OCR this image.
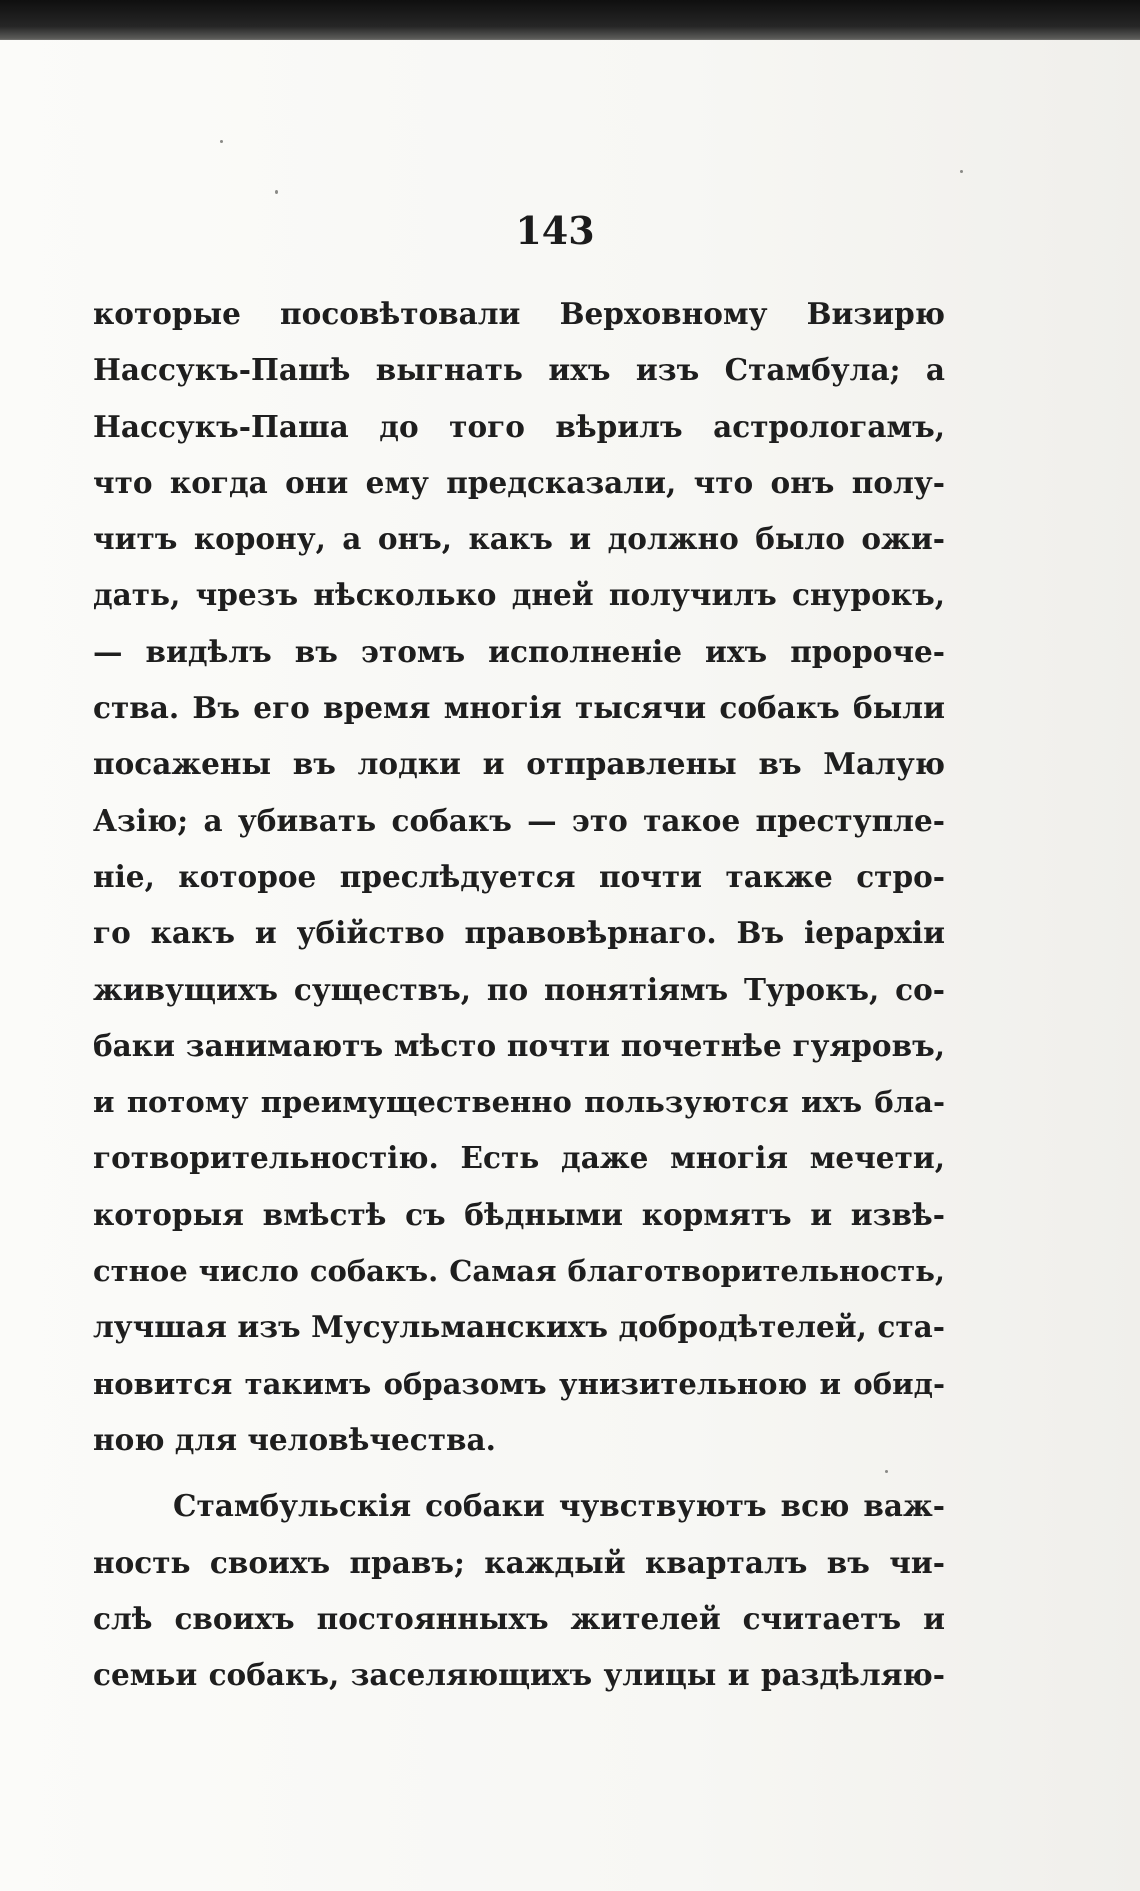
143
которые посовѣтовали Верховному Визирю
Нассукъ-Пашѣ выгнать ихъ изъ Стамбула; а
Нассукъ-Паша до того вѣрилъ астрологамъ,
что когда они ему предсказали, что онъ полу-
читъ корону, а онъ, какъ и должно было ожи-
дать, чрезъ нѣсколько дней получилъ снурокъ,
— видѣлъ въ этомъ исполненіе ихъ пророче-
ства. Въ его время многія тысячи собакъ были
посажены въ лодки и отправлены въ Малую
Азію; а убивать собакъ — это такое преступле-
ніе, которое преслѣдуется почти также стро-
го какъ и убійство правовѣрнаго. Въ іерархіи
живущихъ существъ, по понятіямъ Турокъ, со-
баки занимаютъ мѣсто почти почетнѣе гуяровъ,
и потому преимущественно пользуются ихъ бла-
готворительностію. Есть даже многія мечети,
которыя вмѣстѣ съ бѣдными кормятъ и извѣ-
стное число собакъ. Самая благотворительность,
лучшая изъ Мусульманскихъ добродѣтелей, ста-
новится такимъ образомъ унизительною и обид-
ною для человѣчества.
Стамбульскія собаки чувствуютъ всю важ-
ность своихъ правъ; каждый кварталъ въ чи-
слѣ своихъ постоянныхъ жителей считаетъ и
семьи собакъ, заселяющихъ улицы и раздѣляю-
